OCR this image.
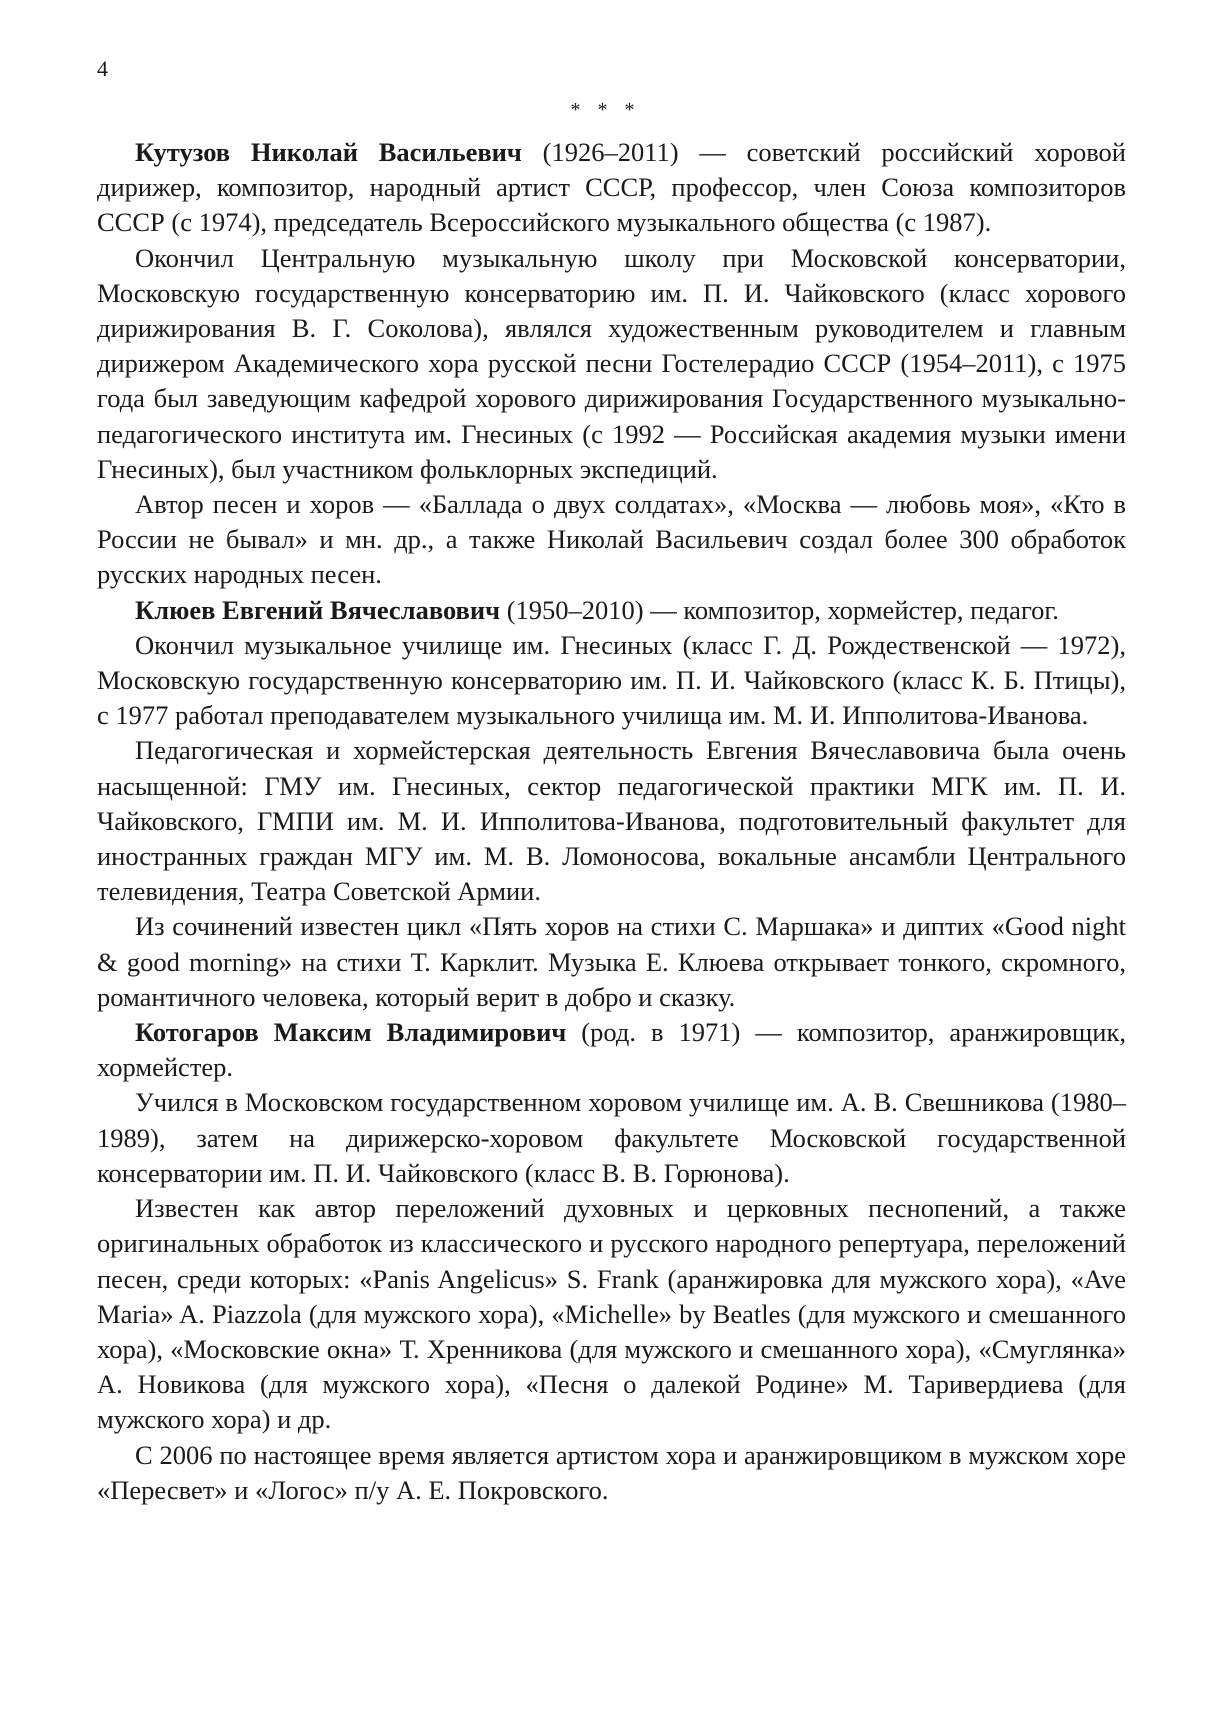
4
* * *

Кутузов Николай Васильевич (1926–2011) — советский российский хоровой дирижер, композитор, народный артист СССР, профессор, член Союза композиторов СССР (с 1974), председатель Всероссийского музыкального общества (с 1987).

Окончил Центральную музыкальную школу при Московской консерватории, Московскую государственную консерваторию им. П. И. Чайковского (класс хорового дирижирования В. Г. Соколова), являлся художественным руководителем и главным дирижером Академического хора русской песни Гостелерадио СССР (1954–2011), с 1975 года был заведующим кафедрой хорового дирижирования Государственного музыкально-педагогического института им. Гнесиных (с 1992 — Российская академия музыки имени Гнесиных), был участником фольклорных экспедиций.

Автор песен и хоров — «Баллада о двух солдатах», «Москва — любовь моя», «Кто в России не бывал» и мн. др., а также Николай Васильевич создал более 300 обработок русских народных песен.

Клюев Евгений Вячеславович (1950–2010) — композитор, хормейстер, педагог.

Окончил музыкальное училище им. Гнесиных (класс Г. Д. Рождественской — 1972), Московскую государственную консерваторию им. П. И. Чайковского (класс К. Б. Птицы), с 1977 работал преподавателем музыкального училища им. М. И. Ипполитова-Иванова.

Педагогическая и хормейстерская деятельность Евгения Вячеславовича была очень насыщенной: ГМУ им. Гнесиных, сектор педагогической практики МГК им. П. И. Чайковского, ГМПИ им. М. И. Ипполитова-Иванова, подготовительный факультет для иностранных граждан МГУ им. М. В. Ломоносова, вокальные ансамбли Центрального телевидения, Театра Советской Армии.

Из сочинений известен цикл «Пять хоров на стихи С. Маршака» и диптих «Good night & good morning» на стихи Т. Карклит. Музыка Е. Клюева открывает тонкого, скромного, романтичного человека, который верит в добро и сказку.

Котогаров Максим Владимирович (род. в 1971) — композитор, аранжировщик, хормейстер.

Учился в Московском государственном хоровом училище им. А. В. Свешникова (1980–1989), затем на дирижерско-хоровом факультете Московской государственной консерватории им. П. И. Чайковского (класс В. В. Горюнова).

Известен как автор переложений духовных и церковных песнопений, а также оригинальных обработок из классического и русского народного репертуара, переложений песен, среди которых: «Panis Angelicus» S. Frank (аранжировка для мужского хора), «Ave Maria» A. Piazzola (для мужского хора), «Michelle» by Beatles (для мужского и смешанного хора), «Московские окна» Т. Хренникова (для мужского и смешанного хора), «Смуглянка» А. Новикова (для мужского хора), «Песня о далекой Родине» М. Таривердиева (для мужского хора) и др.

С 2006 по настоящее время является артистом хора и аранжировщиком в мужском хоре «Пересвет» и «Логос» п/у А. Е. Покровского.
